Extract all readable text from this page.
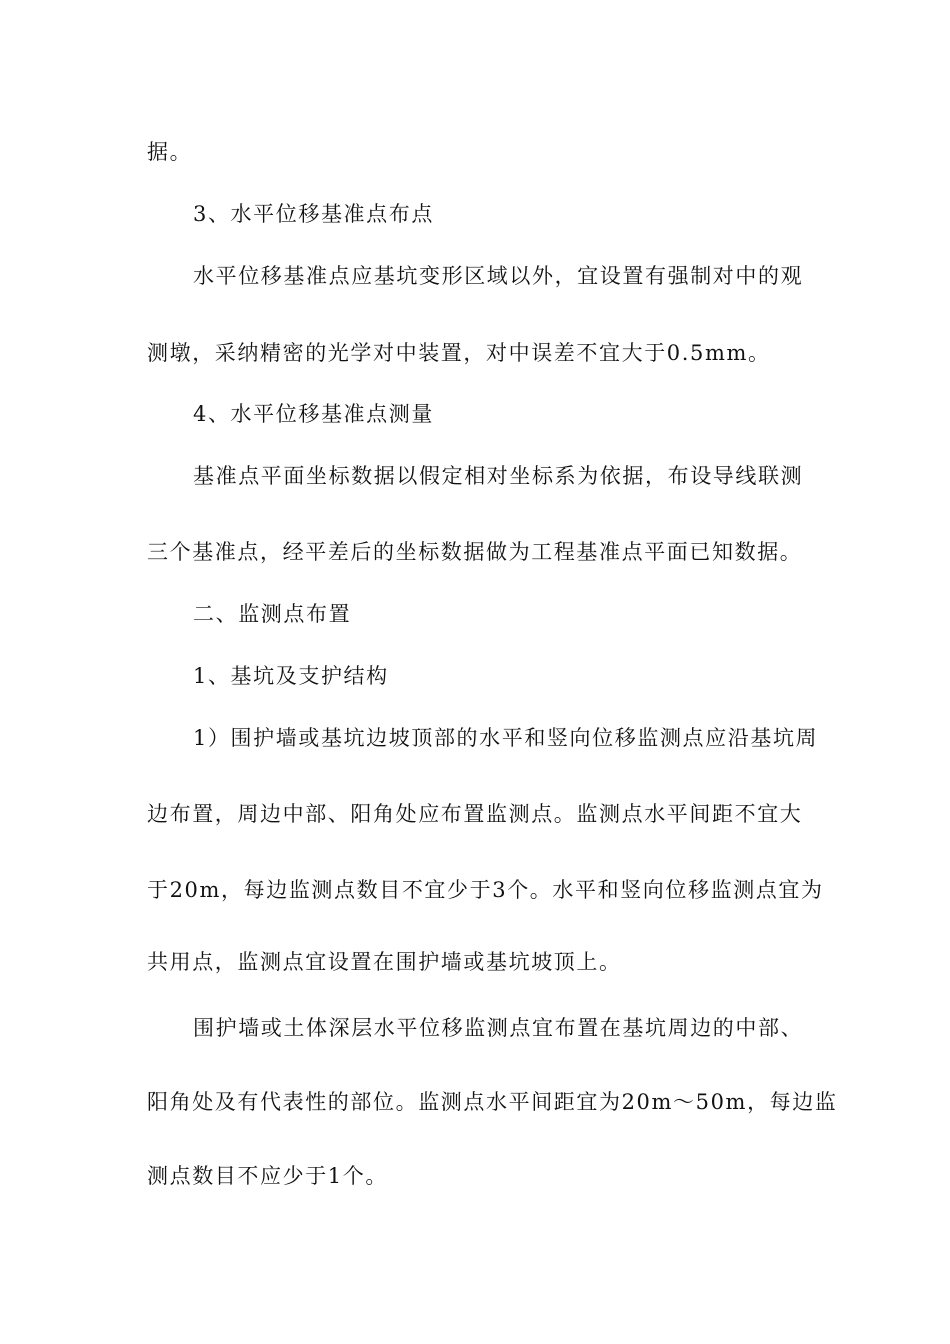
据。
3、水平位移基准点布点
水平位移基准点应基坑变形区域以外，宜设置有强制对中的观
测墩，采纳精密的光学对中装置，对中误差不宜大于0.5mm。
4、水平位移基准点测量
基准点平面坐标数据以假定相对坐标系为依据，布设导线联测
三个基准点，经平差后的坐标数据做为工程基准点平面已知数据。
二、监测点布置
1、基坑及支护结构
1）围护墙或基坑边坡顶部的水平和竖向位移监测点应沿基坑周
边布置，周边中部、阳角处应布置监测点。监测点水平间距不宜大
于20m，每边监测点数目不宜少于3个。水平和竖向位移监测点宜为
共用点，监测点宜设置在围护墙或基坑坡顶上。
围护墙或土体深层水平位移监测点宜布置在基坑周边的中部、
阳角处及有代表性的部位。监测点水平间距宜为20m～50m，每边监
测点数目不应少于1个。
